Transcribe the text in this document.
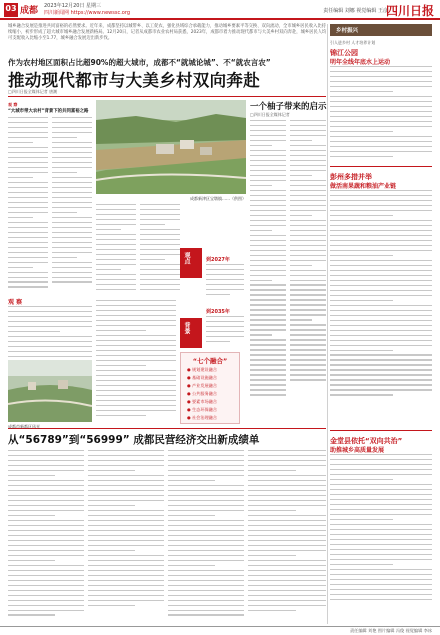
03 成都 2023年12月20日 星期三
四川新闻网 https://www.newssc.org	责任编辑 刘娜 视觉编辑 王彦
四川日报
城乡融合发展是推进共同富裕的必然要求。近年来，成都坚持以城带乡、以工促农，强化县域综合承载能力，推动城乡要素平等交换、双向流动，全市城乡居民收入比持续缩小，初步形成了超大城市城乡融合发展新格局。12月20日，记者从成都市农业农村局获悉，2023年，成都市着力推动现代都市与大美乡村双向奔赴，城乡居民人均可支配收入比缩小至1.77，城乡融合发展迈出新步伐。
作为农村地区面积占比超90%的超大城市，成都不“就城论城”、不“就农言农”
推动现代都市与大美乡村双向奔赴
□四川日报全媒体记者 唐潮
观 察
“大城市带大农村”背景下的共同富裕之路
成都新津区宝墩镇……（供图）
观点
背景
到2027年
到2035年
观 察
“七个融合”
● 规划建设融合
● 基础设施融合
● 产业发展融合
● 公共服务融合
● 要素市场融合
● 生态环保融合
● 社会治理融合
一个柚子带来的启示
□四川日报全媒体记者
从“56789”到“56999” 成都民营经济交出新成绩单
成都市新都区风光
乡村振兴
引人进乡村 人才培养计划
锦江公园
明年全线年底水上运动
彭州多措并举
做活南果蔬和粮油产业链
金堂县依托“双向共治”
助推城乡高质量发展
责任编辑 刘艳 图片编辑 冯俊 视觉编辑 李冰
